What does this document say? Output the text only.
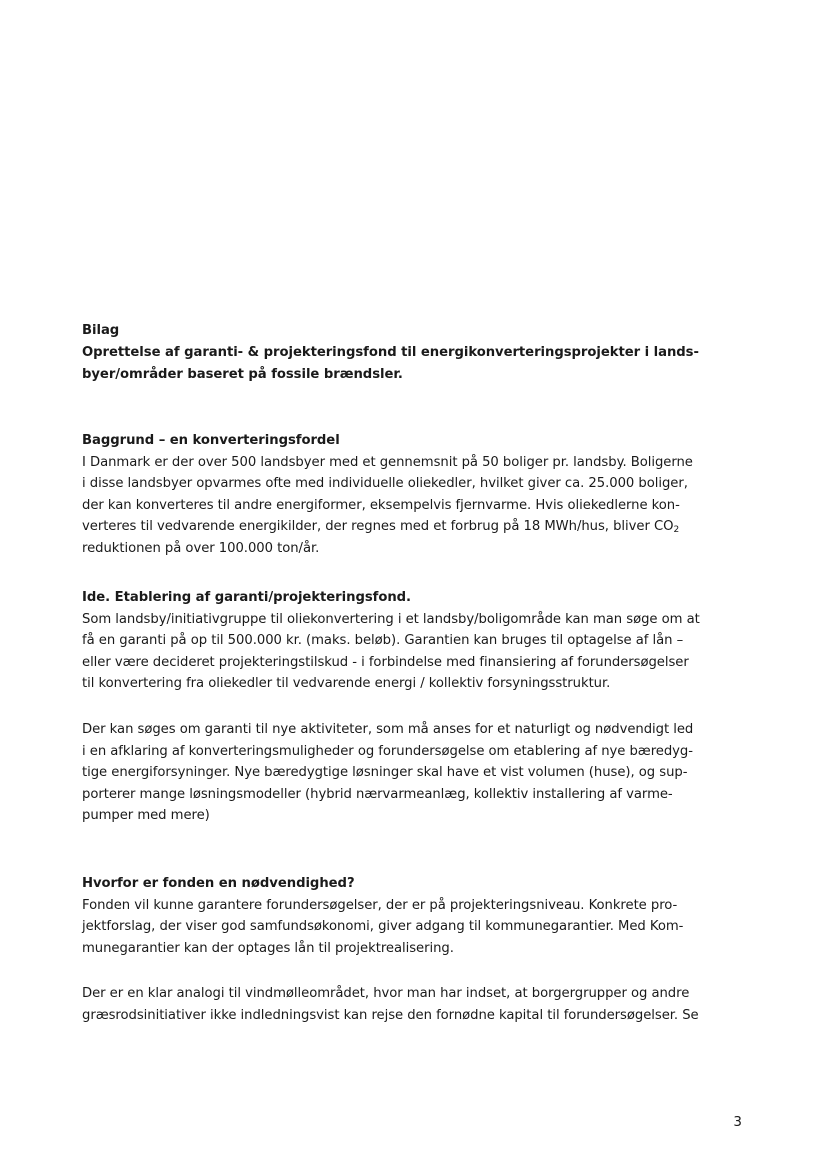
Bilag
Oprettelse af garanti- & projekteringsfond til energikonverteringsprojekter i lands-
byer/områder baseret på fossile brændsler.
Baggrund – en konverteringsfordel
I Danmark er der over 500 landsbyer med et gennemsnit på 50 boliger pr. landsby. Boligerne
i disse landsbyer opvarmes ofte med individuelle oliekedler, hvilket giver ca. 25.000 boliger,
der kan konverteres til andre energiformer, eksempelvis fjernvarme. Hvis oliekedlerne kon-
verteres til vedvarende energikilder, der regnes med et forbrug på 18 MWh/hus, bliver $CO_2$
reduktionen på over 100.000 ton/år.
Ide. Etablering af garanti/projekteringsfond.
Som landsby/initiativgruppe til oliekonvertering i et landsby/boligområde kan man søge om at
få en garanti på op til 500.000 kr. (maks. beløb). Garantien kan bruges til optagelse af lån –
eller være decideret projekteringstilskud - i forbindelse med finansiering af forundersøgelser
til konvertering fra oliekedler til vedvarende energi / kollektiv forsyningsstruktur.
Der kan søges om garanti til nye aktiviteter, som må anses for et naturligt og nødvendigt led
i en afklaring af konverteringsmuligheder og forundersøgelse om etablering af nye bæredyg-
tige energiforsyninger. Nye bæredygtige løsninger skal have et vist volumen (huse), og sup-
porterer mange løsningsmodeller (hybrid nærvarmeanlæg, kollektiv installering af varme-
pumper med mere)
Hvorfor er fonden en nødvendighed?
Fonden vil kunne garantere forundersøgelser, der er på projekteringsniveau. Konkrete pro-
jektforslag, der viser god samfundsøkonomi, giver adgang til kommunegarantier. Med Kom-
munegarantier kan der optages lån til projektrealisering.
Der er en klar analogi til vindmølleområdet, hvor man har indset, at borgergrupper og andre
græsrodsinitiativer ikke indledningsvist kan rejse den fornødne kapital til forundersøgelser. Se
3
